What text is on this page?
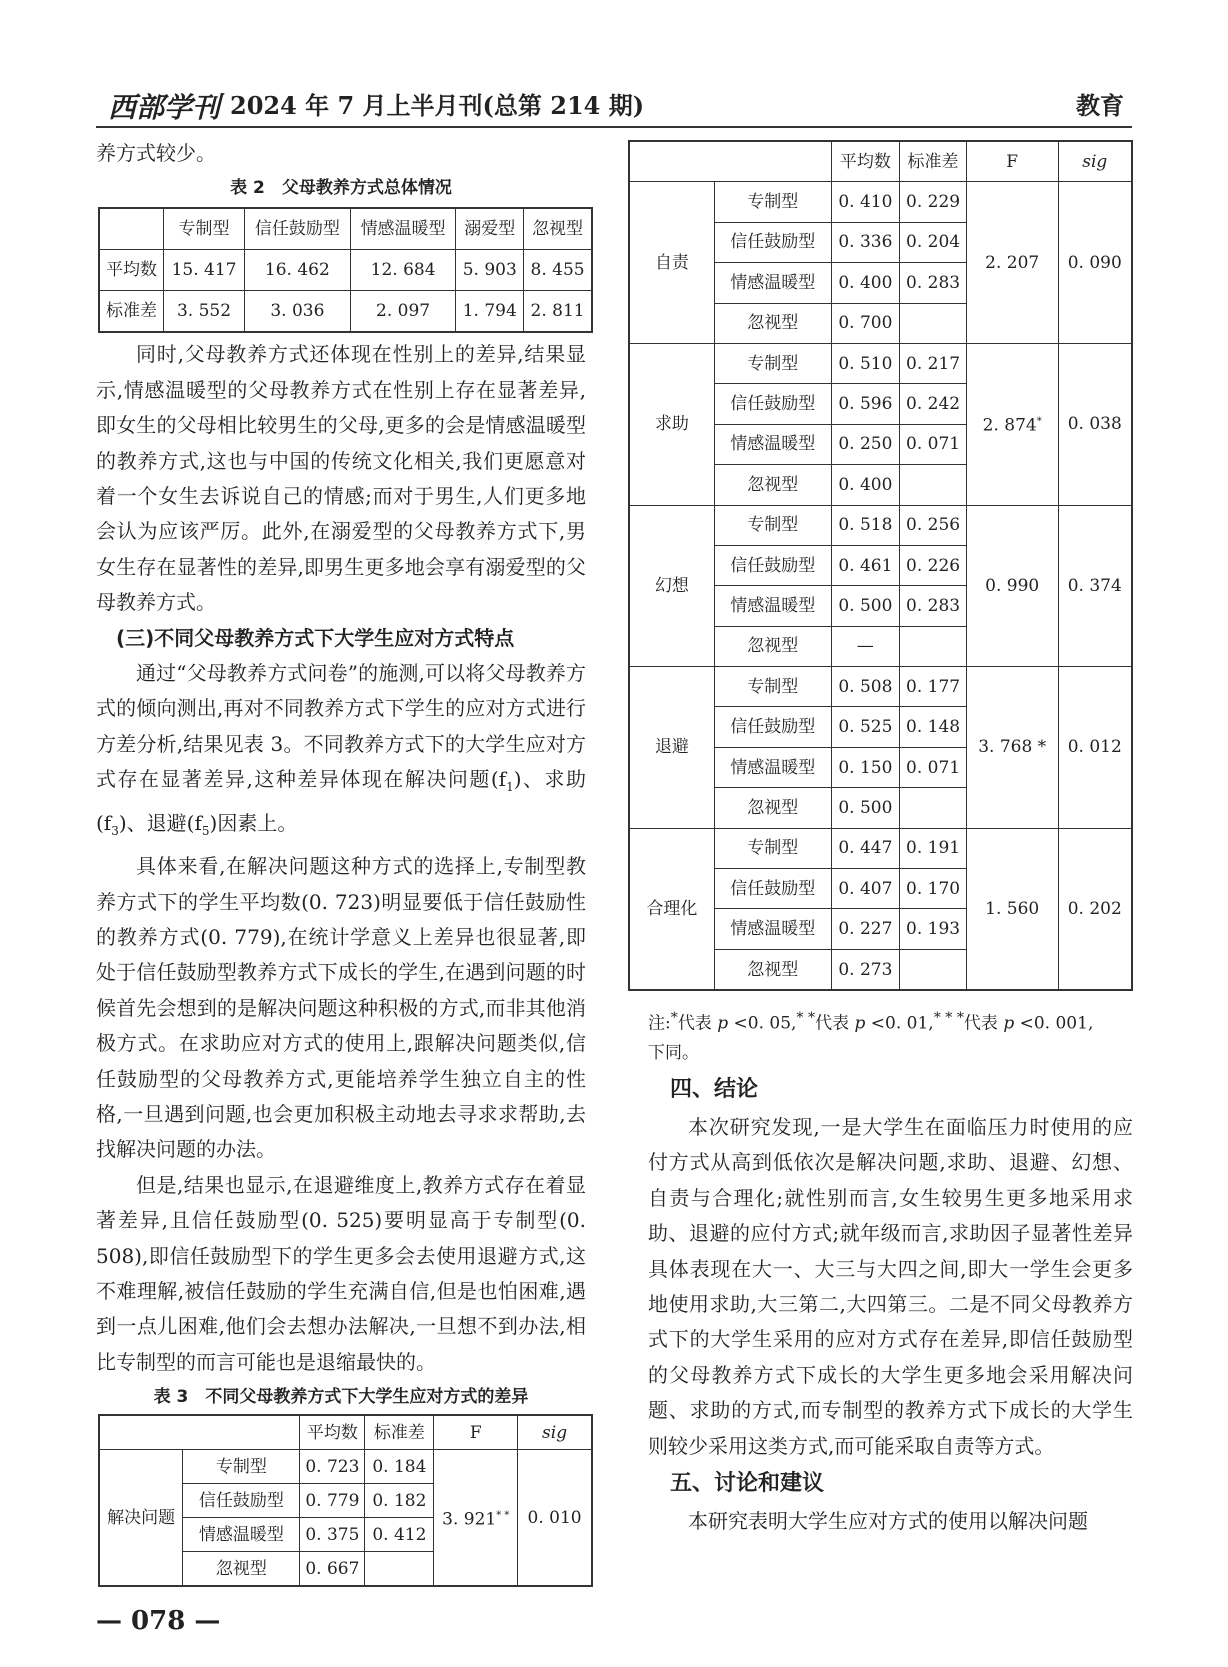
西部学刊 2024 年 7 月上半月刊(总第 214 期)	教育

养方式较少。

表 2　父母教养方式总体情况
	专制型	信任鼓励型	情感温暖型	溺爱型	忽视型
平均数	15. 417	16. 462	12. 684	5. 903	8. 455
标准差	3. 552	3. 036	2. 097	1. 794	2. 811

同时,父母教养方式还体现在性别上的差异,结果显示,情感温暖型的父母教养方式在性别上存在显著差异,即女生的父母相比较男生的父母,更多的会是情感温暖型的教养方式,这也与中国的传统文化相关,我们更愿意对着一个女生去诉说自己的情感;而对于男生,人们更多地会认为应该严厉。此外,在溺爱型的父母教养方式下,男女生存在显著性的差异,即男生更多地会享有溺爱型的父母教养方式。

(三)不同父母教养方式下大学生应对方式特点

通过“父母教养方式问卷”的施测,可以将父母教养方式的倾向测出,再对不同教养方式下学生的应对方式进行方差分析,结果见表 3。不同教养方式下的大学生应对方式存在显著差异,这种差异体现在解决问题$(f_1)$、求助$(f_3)$、退避$(f_5)$因素上。

具体来看,在解决问题这种方式的选择上,专制型教养方式下的学生平均数(0. 723)明显要低于信任鼓励性的教养方式(0. 779),在统计学意义上差异也很显著,即处于信任鼓励型教养方式下成长的学生,在遇到问题的时候首先会想到的是解决问题这种积极的方式,而非其他消极方式。在求助应对方式的使用上,跟解决问题类似,信任鼓励型的父母教养方式,更能培养学生独立自主的性格,一旦遇到问题,也会更加积极主动地去寻求求帮助,去找解决问题的办法。

但是,结果也显示,在退避维度上,教养方式存在着显著差异,且信任鼓励型(0. 525)要明显高于专制型(0. 508),即信任鼓励型下的学生更多会去使用退避方式,这不难理解,被信任鼓励的学生充满自信,但是也怕困难,遇到一点儿困难,他们会去想办法解决,一旦想不到办法,相比专制型的而言可能也是退缩最快的。

表 3　不同父母教养方式下大学生应对方式的差异
		平均数	标准差	F	sig
解决问题	专制型	0. 723	0. 184	3. 921* *	0. 010
	信任鼓励型	0. 779	0. 182		
	情感温暖型	0. 375	0. 412		
	忽视型	0. 667			
		平均数	标准差	F	sig
自责	专制型	0. 410	0. 229	2. 207	0. 090
	信任鼓励型	0. 336	0. 204		
	情感温暖型	0. 400	0. 283		
	忽视型	0. 700			
求助	专制型	0. 510	0. 217	2. 874*	0. 038
	信任鼓励型	0. 596	0. 242		
	情感温暖型	0. 250	0. 071		
	忽视型	0. 400			
幻想	专制型	0. 518	0. 256	0. 990	0. 374
	信任鼓励型	0. 461	0. 226		
	情感温暖型	0. 500	0. 283		
	忽视型	—			
退避	专制型	0. 508	0. 177	3. 768 *	0. 012
	信任鼓励型	0. 525	0. 148		
	情感温暖型	0. 150	0. 071		
	忽视型	0. 500			
合理化	专制型	0. 447	0. 191	1. 560	0. 202
	信任鼓励型	0. 407	0. 170		
	情感温暖型	0. 227	0. 193		
	忽视型	0. 273			
注:*代表 p <0. 05,* *代表 p <0. 01,* * *代表 p <0. 001,
下同。

四、结论

本次研究发现,一是大学生在面临压力时使用的应付方式从高到低依次是解决问题,求助、退避、幻想、自责与合理化;就性别而言,女生较男生更多地采用求助、退避的应付方式;就年级而言,求助因子显著性差异具体表现在大一、大三与大四之间,即大一学生会更多地使用求助,大三第二,大四第三。二是不同父母教养方式下的大学生采用的应对方式存在差异,即信任鼓励型的父母教养方式下成长的大学生更多地会采用解决问题、求助的方式,而专制型的教养方式下成长的大学生则较少采用这类方式,而可能采取自责等方式。

五、讨论和建议

本研究表明大学生应对方式的使用以解决问题

— 078 —
